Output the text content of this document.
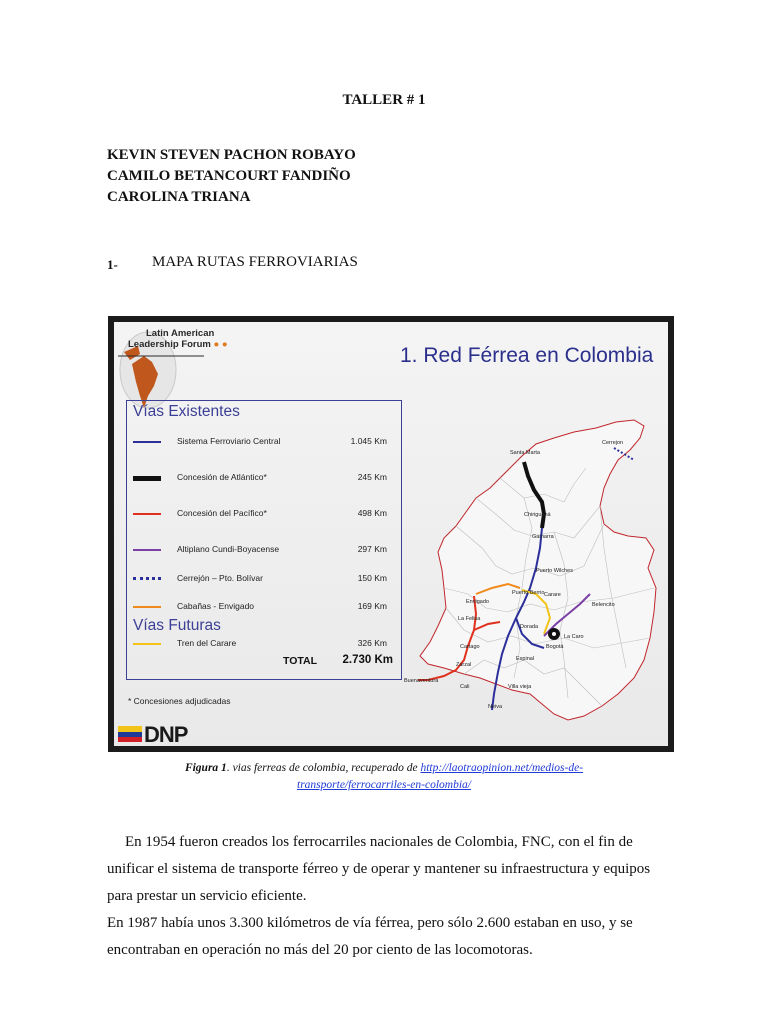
TALLER # 1
KEVIN STEVEN PACHON ROBAYO
CAMILO BETANCOURT FANDIÑO
CAROLINA TRIANA
1- MAPA RUTAS FERROVIARIAS
Latin American
Leadership Forum ● ●	1. Red Férrea en Colombia
Vías Existentes
Sistema Ferroviario Central	1.045 Km
Concesión de Atlántico*	245 Km
Concesión del Pacífico*	498 Km
Altiplano Cundi-Boyacense	297 Km
Cerrejón – Pto. Bolívar	150 Km
Cabañas - Envigado	169 Km
Vías Futuras
Tren del Carare	326 Km
TOTAL 2.730 Km
* Concesiones adjudicadas
DNP
Santa Marta
Cerrejon
Chiriguaná
Gamarra
Puerto Wilches
Puerto Berrio Carare
Envigado	Belencito
La Felisa
Dorada
La Caro
Cartago	Bogotá
Zarzal
Buenaventura
Cali	Villa vieja
Neiva
Espinal
Figura 1. vias ferreas de colombia, recuperado de http://laotraopinion.net/medios-de-
transporte/ferrocarriles-en-colombia/
En 1954 fueron creados los ferrocarriles nacionales de Colombia, FNC, con el fin de
unificar el sistema de transporte férreo y de operar y mantener su infraestructura y equipos
para prestar un servicio eficiente.
En 1987 había unos 3.300 kilómetros de vía férrea, pero sólo 2.600 estaban en uso, y se
encontraban en operación no más del 20 por ciento de las locomotoras.
